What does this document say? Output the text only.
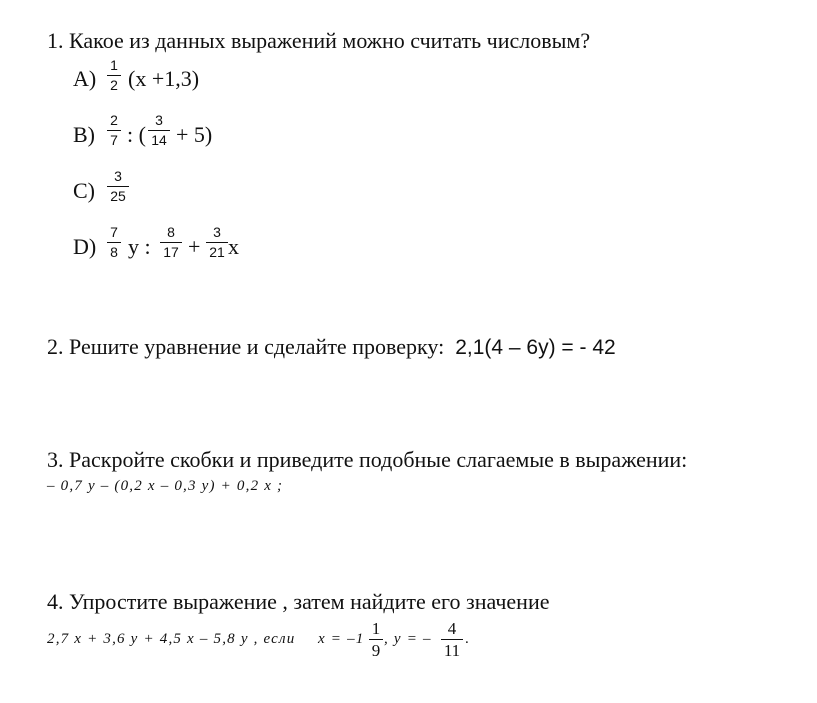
1. Какое из данных выражений можно считать числовым?
A)
1
2 (x +1,3)
B)
2
7 : (
3
14 + 5)
C)
3
25
D)
7
8 y :
8
17 +
3
21 x
2. Решите уравнение и сделайте проверку: 2,1(4 – 6y) = - 42
3. Раскройте скобки и приведите подобные слагаемые в выражении:
– 0,7 y – (0,2 x – 0,3 y) + 0,2 x ;
4. Упростите выражение , затем найдите его значение
2,7 x + 3,6 y + 4,5 x – 5,8 y , если x = –1
1
9
, y = –
4
11
.
